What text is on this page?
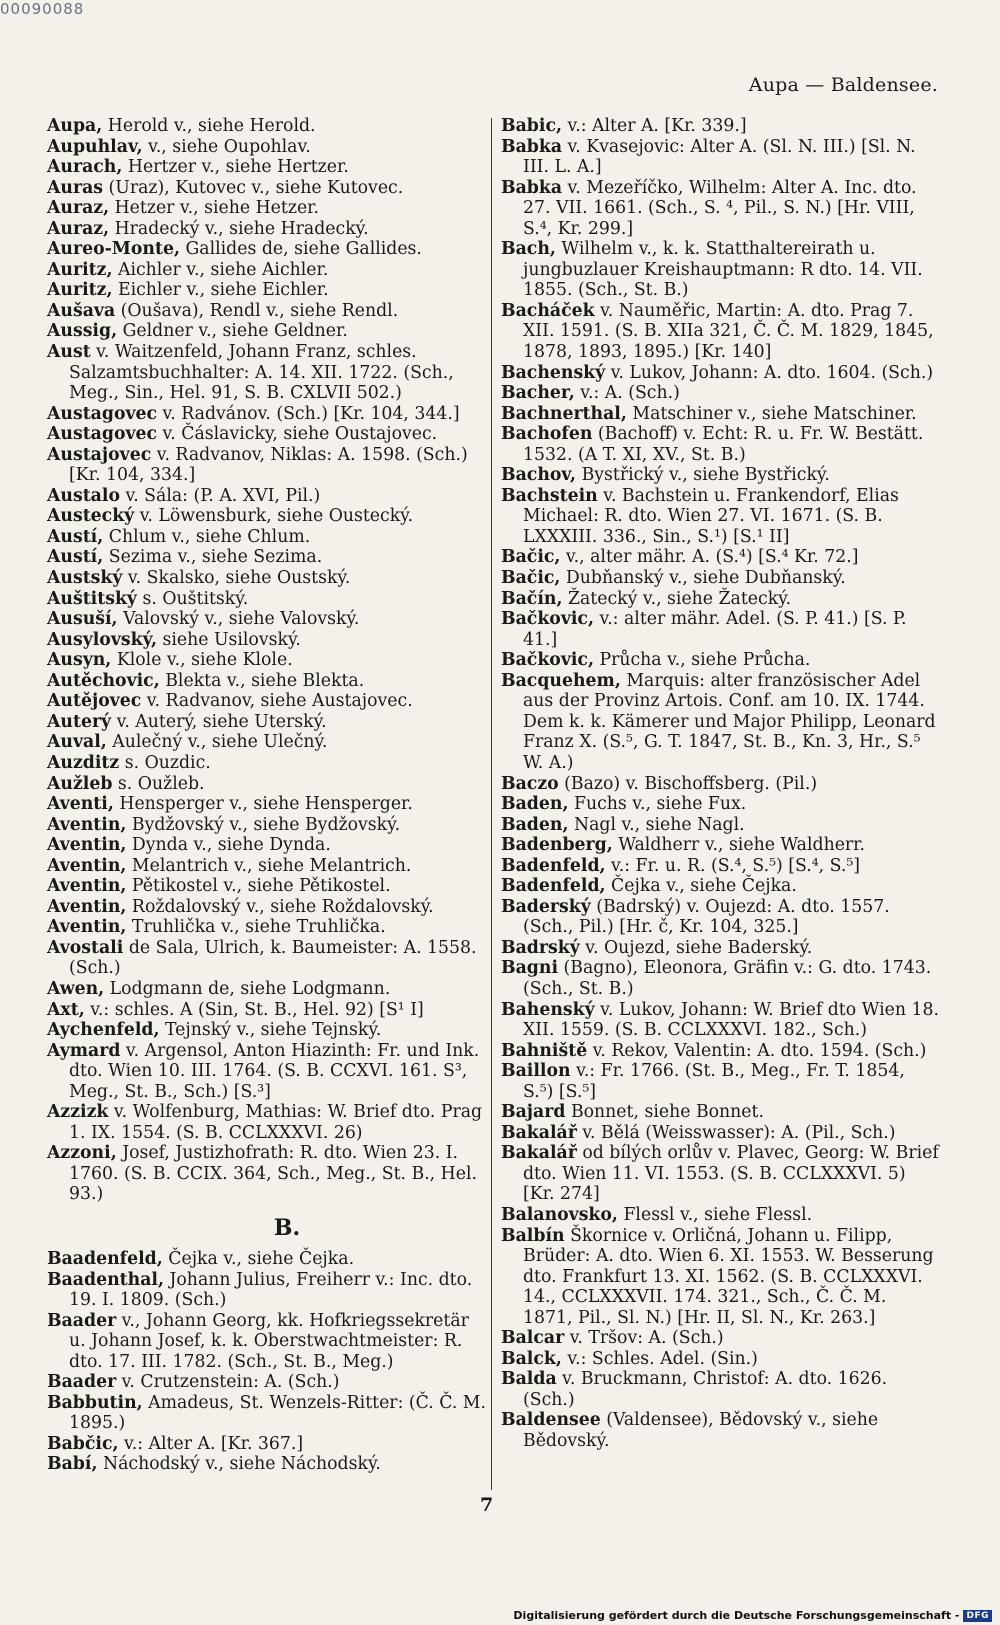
00090088
Aupa — Baldensee.

Aupa, Herold v., siehe Herold.

Aupuhlav, v., siehe Oupohlav.

Aurach, Hertzer v., siehe Hertzer.

Auras (Uraz), Kutovec v., siehe Kutovec.

Auraz, Hetzer v., siehe Hetzer.

Auraz, Hradecký v., siehe Hradecký.

Aureo-Monte, Gallides de, siehe Gallides.

Auritz, Aichler v., siehe Aichler.

Auritz, Eichler v., siehe Eichler.

Aušava (Oušava), Rendl v., siehe Rendl.

Aussig, Geldner v., siehe Geldner.

Aust v. Waitzenfeld, Johann Franz, schles. Salzamtsbuchhalter: A. 14. XII. 1722. (Sch., Meg., Sin., Hel. 91, S. B. CXLVII 502.)

Austagovec v. Radvánov. (Sch.) [Kr. 104, 344.]

Austagovec v. Čáslavicky, siehe Oustajovec.

Austajovec v. Radvanov, Niklas: A. 1598. (Sch.) [Kr. 104, 334.]

Austalo v. Sála: (P. A. XVI, Pil.)

Austecký v. Löwensburk, siehe Oustecký.

Austí, Chlum v., siehe Chlum.

Austí, Sezima v., siehe Sezima.

Austský v. Skalsko, siehe Oustský.

Auštitský s. Ouštitský.

Ausuší, Valovský v., siehe Valovský.

Ausylovský, siehe Usilovský.

Ausyn, Klole v., siehe Klole.

Autěchovic, Blekta v., siehe Blekta.

Autějovec v. Radvanov, siehe Austajovec.

Auterý v. Auterý, siehe Uterský.

Auval, Aulečný v., siehe Ulečný.

Auzditz s. Ouzdic.

Aužleb s. Oužleb.

Aventi, Hensperger v., siehe Hensperger.

Aventin, Bydžovský v., siehe Bydžovský.

Aventin, Dynda v., siehe Dynda.

Aventin, Melantrich v., siehe Melantrich.

Aventin, Pětikostel v., siehe Pětikostel.

Aventin, Roždalovský v., siehe Roždalovský.

Aventin, Truhlička v., siehe Truhlička.

Avostali de Sala, Ulrich, k. Baumeister: A. 1558. (Sch.)

Awen, Lodgmann de, siehe Lodgmann.

Axt, v.: schles. A (Sin, St. B., Hel. 92) [S¹ I]

Aychenfeld, Tejnský v., siehe Tejnský.

Aymard v. Argensol, Anton Hiazinth: Fr. und Ink. dto. Wien 10. III. 1764. (S. B. CCXVI. 161. S³, Meg., St. B., Sch.) [S.³]

Azzizk v. Wolfenburg, Mathias: W. Brief dto. Prag 1. IX. 1554. (S. B. CCLXXXVI. 26)

Azzoni, Josef, Justizhofrath: R. dto. Wien 23. I. 1760. (S. B. CCIX. 364, Sch., Meg., St. B., Hel. 93.)

B.

Baadenfeld, Čejka v., siehe Čejka.

Baadenthal, Johann Julius, Freiherr v.: Inc. dto. 19. I. 1809. (Sch.)

Baader v., Johann Georg, kk. Hofkriegssekretär u. Johann Josef, k. k. Oberstwachtmeister: R. dto. 17. III. 1782. (Sch., St. B., Meg.)

Baader v. Crutzenstein: A. (Sch.)

Babbutin, Amadeus, St. Wenzels-Ritter: (Č. Č. M. 1895.)

Babčic, v.: Alter A. [Kr. 367.]

Babí, Náchodský v., siehe Náchodský.

Babic, v.: Alter A. [Kr. 339.]

Babka v. Kvasejovic: Alter A. (Sl. N. III.) [Sl. N. III. L. A.]

Babka v. Mezeříčko, Wilhelm: Alter A. Inc. dto. 27. VII. 1661. (Sch., S. ⁴, Pil., S. N.) [Hr. VIII, S.⁴, Kr. 299.]

Bach, Wilhelm v., k. k. Statthaltereirath u. jungbuzlauer Kreishauptmann: R dto. 14. VII. 1855. (Sch., St. B.)

Bacháček v. Nauměřic, Martin: A. dto. Prag 7. XII. 1591. (S. B. XIIa 321, Č. Č. M. 1829, 1845, 1878, 1893, 1895.) [Kr. 140]

Bachenský v. Lukov, Johann: A. dto. 1604. (Sch.)

Bacher, v.: A. (Sch.)

Bachnerthal, Matschiner v., siehe Matschiner.

Bachofen (Bachoff) v. Echt: R. u. Fr. W. Bestätt. 1532. (A T. XI, XV., St. B.)

Bachov, Bystřický v., siehe Bystřický.

Bachstein v. Bachstein u. Frankendorf, Elias Michael: R. dto. Wien 27. VI. 1671. (S. B. LXXXIII. 336., Sin., S.¹) [S.¹ II]

Bačic, v., alter mähr. A. (S.⁴) [S.⁴ Kr. 72.]

Bačic, Dubňanský v., siehe Dubňanský.

Bačín, Žatecký v., siehe Žatecký.

Bačkovic, v.: alter mähr. Adel. (S. P. 41.) [S. P. 41.]

Bačkovic, Průcha v., siehe Průcha.

Bacquehem, Marquis: alter französischer Adel aus der Provinz Artois. Conf. am 10. IX. 1744. Dem k. k. Kämerer und Major Philipp, Leonard Franz X. (S.⁵, G. T. 1847, St. B., Kn. 3, Hr., S.⁵ W. A.)

Baczo (Bazo) v. Bischoffsberg. (Pil.)

Baden, Fuchs v., siehe Fux.

Baden, Nagl v., siehe Nagl.

Badenberg, Waldherr v., siehe Waldherr.

Badenfeld, v.: Fr. u. R. (S.⁴, S.⁵) [S.⁴, S.⁵]

Badenfeld, Čejka v., siehe Čejka.

Baderský (Badrský) v. Oujezd: A. dto. 1557. (Sch., Pil.) [Hr. č, Kr. 104, 325.]

Badrský v. Oujezd, siehe Baderský.

Bagni (Bagno), Eleonora, Gräfin v.: G. dto. 1743. (Sch., St. B.)

Bahenský v. Lukov, Johann: W. Brief dto Wien 18. XII. 1559. (S. B. CCLXXXVI. 182., Sch.)

Bahniště v. Rekov, Valentin: A. dto. 1594. (Sch.)

Baillon v.: Fr. 1766. (St. B., Meg., Fr. T. 1854, S.⁵) [S.⁵]

Bajard Bonnet, siehe Bonnet.

Bakalář v. Bělá (Weisswasser): A. (Pil., Sch.)

Bakalář od bílých orlův v. Plavec, Georg: W. Brief dto. Wien 11. VI. 1553. (S. B. CCLXXXVI. 5) [Kr. 274]

Balanovsko, Flessl v., siehe Flessl.

Balbín Škornice v. Orličná, Johann u. Filipp, Brüder: A. dto. Wien 6. XI. 1553. W. Besserung dto. Frankfurt 13. XI. 1562. (S. B. CCLXXXVI. 14., CCLXXXVII. 174. 321., Sch., Č. Č. M. 1871, Pil., Sl. N.) [Hr. II, Sl. N., Kr. 263.]

Balcar v. Tršov: A. (Sch.)

Balck, v.: Schles. Adel. (Sin.)

Balda v. Bruckmann, Christof: A. dto. 1626. (Sch.)

Baldensee (Valdensee), Bědovský v., siehe Bědovský.

7
Digitalisierung gefördert durch die Deutsche Forschungsgemeinschaft - DFG
